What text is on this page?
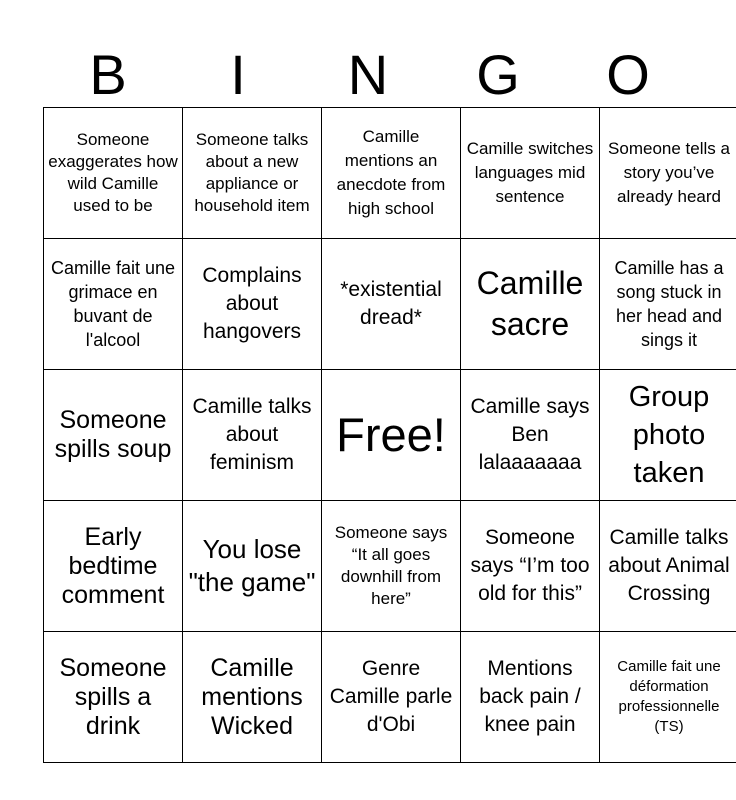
B	I	N	G	O
Someone exaggerates how wild Camille used to be	Someone talks about a new appliance or household item	Camille mentions an anecdote from high school	Camille switches languages mid sentence	Someone tells a story you’ve already heard
Camille fait une grimace en buvant de l'alcool	Complains about hangovers	*existential dread*	Camille sacre	Camille has a song stuck in her head and sings it
Someone spills soup	Camille talks about feminism	Free!	Camille says Ben lalaaaaaaa	Group photo taken
Early bedtime comment	You lose "the game"	Someone says “It all goes downhill from here”	Someone says “I’m too old for this”	Camille talks about Animal Crossing
Someone spills a drink	Camille mentions Wicked	Genre Camille parle d'Obi	Mentions back pain / knee pain	Camille fait une déformation professionnelle (TS)
